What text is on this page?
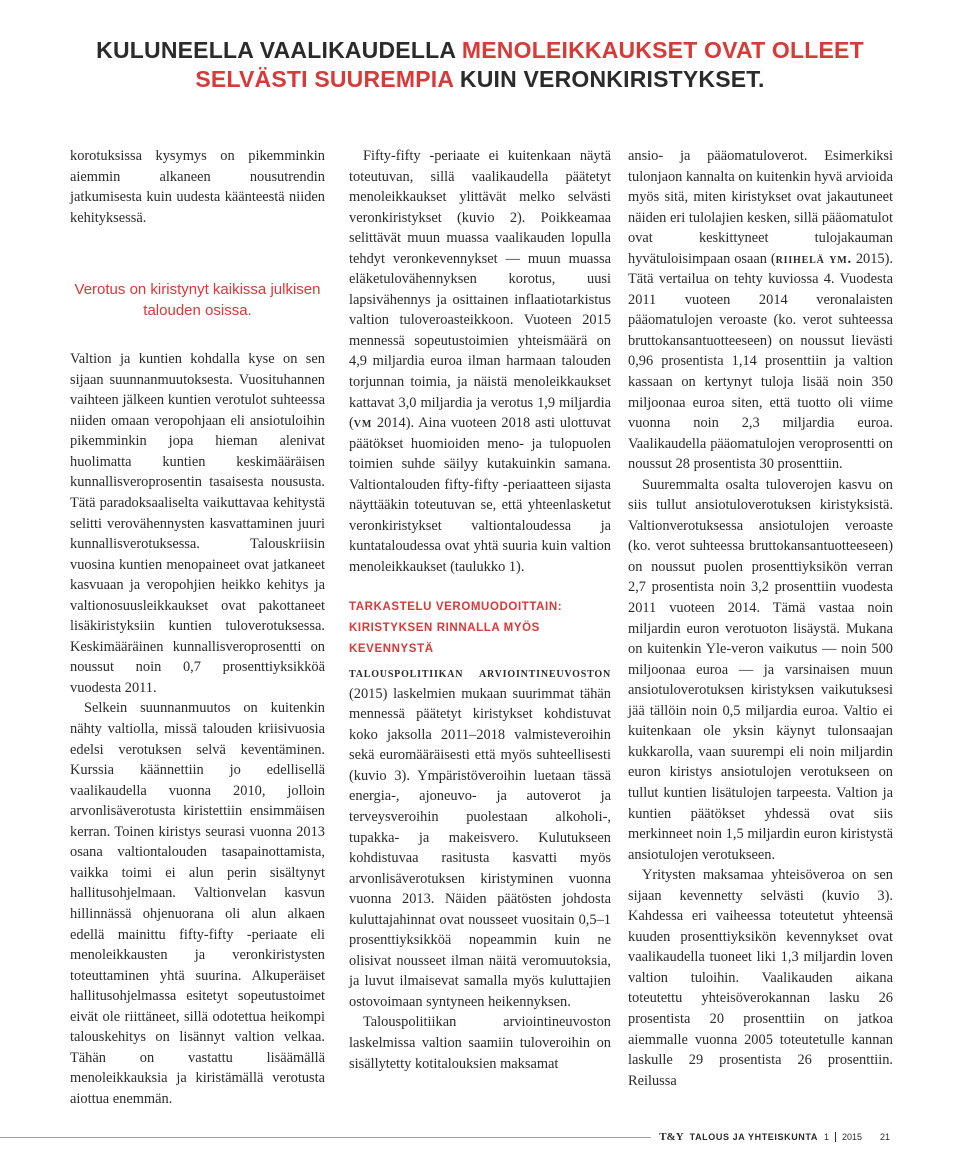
KULUNEELLA VAALIKAUDELLA MENOLEIKKAUKSET OVAT OLLEET SELVÄSTI SUUREMPIA KUIN VERONKIRISTYKSET.

korotuksissa kysymys on pikemminkin aiemmin alkaneen nousutrendin jatkumisesta kuin uudesta käänteestä niiden kehityksessä.

Verotus on kiristynyt kaikissa julkisen talouden osissa.

Valtion ja kuntien kohdalla kyse on sen sijaan suunnanmuutoksesta. Vuosituhannen vaihteen jälkeen kuntien verotulot suhteessa niiden omaan veropohjaan eli ansiotuloihin pikemminkin jopa hieman alenivat huolimatta kuntien keskimääräisen kunnallisveroprosentin tasaisesta noususta. Tätä paradoksaaliselta vaikuttavaa kehitystä selitti verovähennysten kasvattaminen juuri kunnallisverotuksessa. Talouskriisin vuosina kuntien menopaineet ovat jatkaneet kasvuaan ja veropohjien heikko kehitys ja valtionosuusleikkaukset ovat pakottaneet lisäkiristyksiin kuntien tuloverotuksessa. Keskimääräinen kunnallisveroprosentti on noussut noin 0,7 prosenttiyksikköä vuodesta 2011.

Selkein suunnanmuutos on kuitenkin nähty valtiolla, missä talouden kriisivuosia edelsi verotuksen selvä keventäminen. Kurssia käännettiin jo edellisellä vaalikaudella vuonna 2010, jolloin arvonlisäverotusta kiristettiin ensimmäisen kerran. Toinen kiristys seurasi vuonna 2013 osana valtiontalouden tasapainottamista, vaikka toimi ei alun perin sisältynyt hallitusohjelmaan. Valtionvelan kasvun hillinnässä ohjenuorana oli alun alkaen edellä mainittu fifty-fifty -periaate eli menoleikkausten ja veronkiristysten toteuttaminen yhtä suurina. Alkuperäiset hallitusohjelmassa esitetyt sopeutustoimet eivät ole riittäneet, sillä odotettua heikompi talouskehitys on lisännyt valtion velkaa. Tähän on vastattu lisäämällä menoleikkauksia ja kiristämällä verotusta aiottua enemmän.

Fifty-fifty -periaate ei kuitenkaan näytä toteutuvan, sillä vaalikaudella päätetyt menoleikkaukset ylittävät melko selvästi veronkiristykset (kuvio 2). Poikkeamaa selittävät muun muassa vaalikauden lopulla tehdyt veronkevennykset — muun muassa eläketulovähennyksen korotus, uusi lapsivähennys ja osittainen inflaatiotarkistus valtion tuloveroasteikkoon. Vuoteen 2015 mennessä sopeutustoimien yhteismäärä on 4,9 miljardia euroa ilman harmaan talouden torjunnan toimia, ja näistä menoleikkaukset kattavat 3,0 miljardia ja verotus 1,9 miljardia (vm 2014). Aina vuoteen 2018 asti ulottuvat päätökset huomioiden meno- ja tulopuolen toimien suhde säilyy kutakuinkin samana. Valtiontalouden fifty-fifty -periaatteen sijasta näyttääkin toteutuvan se, että yhteenlasketut veronkiristykset valtiontaloudessa ja kuntataloudessa ovat yhtä suuria kuin valtion menoleikkaukset (taulukko 1).

TARKASTELU VEROMUODOITTAIN:
KIRISTYKSEN RINNALLA MYÖS KEVENNYSTÄ

talouspolitiikan arviointineuvoston (2015) laskelmien mukaan suurimmat tähän mennessä päätetyt kiristykset kohdistuvat koko jaksolla 2011–2018 valmisteveroihin sekä euromääräisesti että myös suhteellisesti (kuvio 3). Ympäristöveroihin luetaan tässä energia-, ajoneuvo- ja autoverot ja terveysveroihin puolestaan alkoholi-, tupakka- ja makeisvero. Kulutukseen kohdistuvaa rasitusta kasvatti myös arvonlisäverotuksen kiristyminen vuonna vuonna 2013. Näiden päätösten johdosta kuluttajahinnat ovat nousseet vuositain 0,5–1 prosenttiyksikköä nopeammin kuin ne olisivat nousseet ilman näitä veromuutoksia, ja luvut ilmaisevat samalla myös kuluttajien ostovoimaan syntyneen heikennyksen.

Talouspolitiikan arviointineuvoston laskelmissa valtion saamiin tuloveroihin on sisällytetty kotitalouksien maksamat

ansio- ja pääomatuloverot. Esimerkiksi tulonjaon kannalta on kuitenkin hyvä arvioida myös sitä, miten kiristykset ovat jakautuneet näiden eri tulolajien kesken, sillä pääomatulot ovat keskittyneet tulojakauman hyvätuloisimpaan osaan (riihelä ym. 2015). Tätä vertailua on tehty kuviossa 4. Vuodesta 2011 vuoteen 2014 veronalaisten pääomatulojen veroaste (ko. verot suhteessa bruttokansantuotteeseen) on noussut lievästi 0,96 prosentista 1,14 prosenttiin ja valtion kassaan on kertynyt tuloja lisää noin 350 miljoonaa euroa siten, että tuotto oli viime vuonna noin 2,3 miljardia euroa. Vaalikaudella pääomatulojen veroprosentti on noussut 28 prosentista 30 prosenttiin.

Suuremmalta osalta tuloverojen kasvu on siis tullut ansiotuloverotuksen kiristyksistä. Valtionverotuksessa ansiotulojen veroaste (ko. verot suhteessa bruttokansantuotteeseen) on noussut puolen prosenttiyksikön verran 2,7 prosentista noin 3,2 prosenttiin vuodesta 2011 vuoteen 2014. Tämä vastaa noin miljardin euron verotuoton lisäystä. Mukana on kuitenkin Yle-veron vaikutus — noin 500 miljoonaa euroa — ja varsinaisen muun ansiotuloverotuksen kiristyksen vaikutuksesi jää tällöin noin 0,5 miljardia euroa. Valtio ei kuitenkaan ole yksin käynyt tulonsaajan kukkarolla, vaan suurempi eli noin miljardin euron kiristys ansiotulojen verotukseen on tullut kuntien lisätulojen tarpeesta. Valtion ja kuntien päätökset yhdessä ovat siis merkinneet noin 1,5 miljardin euron kiristystä ansiotulojen verotukseen.

Yritysten maksamaa yhteisöveroa on sen sijaan kevennetty selvästi (kuvio 3). Kahdessa eri vaiheessa toteutetut yhteensä kuuden prosenttiyksikön kevennykset ovat vaalikaudella tuoneet liki 1,3 miljardin loven valtion tuloihin. Vaalikauden aikana toteutettu yhteisöverokannan lasku 26 prosentista 20 prosenttiin on jatkoa aiemmalle vuonna 2005 toteutetulle kannan laskulle 29 prosentista 26 prosenttiin. Reilussa

T&Y TALOUS JA YHTEISKUNTA 1 2015 21
